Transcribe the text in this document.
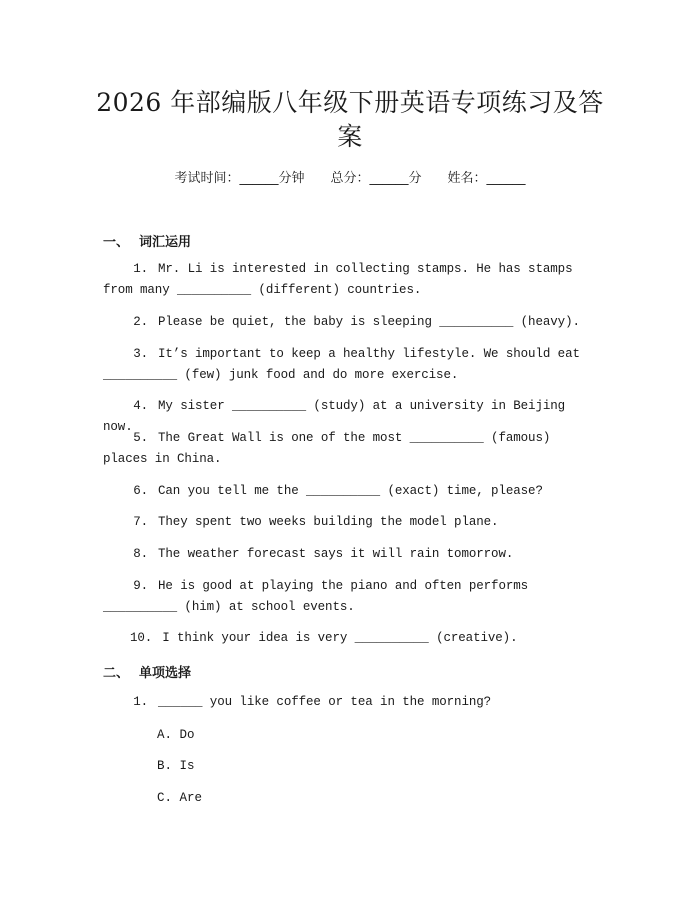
2026 年部编版八年级下册英语专项练习及答
案
考试时间：______分钟 总分：______分 姓名：______
一、 词汇运用
1. Mr. Li is interested in collecting stamps. He has stamps from many __________ (different) countries.
2. Please be quiet, the baby is sleeping __________ (heavy).
3. It’s important to keep a healthy lifestyle. We should eat __________ (few) junk food and do more exercise.
4. My sister __________ (study) at a university in Beijing now.
5. The Great Wall is one of the most __________ (famous) places in China.
6. Can you tell me the __________ (exact) time, please?
7. They spent two weeks building the model plane.
8. The weather forecast says it will rain tomorrow.
9. He is good at playing the piano and often performs __________ (him) at school events.
10. I think your idea is very __________ (creative).
二、 单项选择
1. ______ you like coffee or tea in the morning?
A. Do
B. Is
C. Are
